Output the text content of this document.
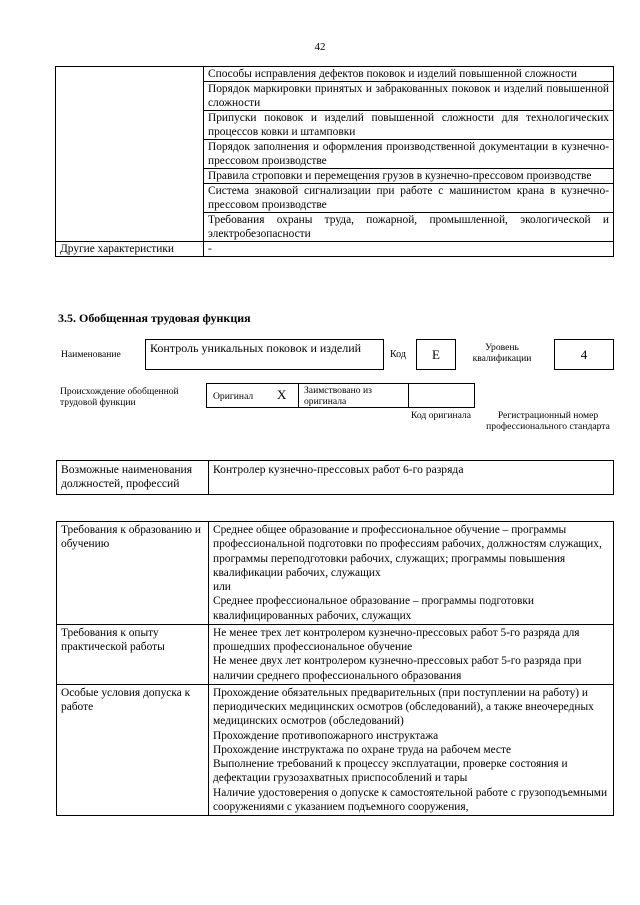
42
	Способы исправления дефектов поковок и изделий повышенной сложности
	Порядок маркировки принятых и забракованных поковок и изделий повышенной сложности
	Припуски поковок и изделий повышенной сложности для технологических процессов ковки и штамповки
	Порядок заполнения и оформления производственной документации в кузнечно-прессовом производстве
	Правила строповки и перемещения грузов в кузнечно-прессовом производстве
	Система знаковой сигнализации при работе с машинистом крана в кузнечно-прессовом производстве
	Требования охраны труда, пожарной, промышленной, экологической и электробезопасности
Другие характеристики	-
3.5. Обобщенная трудовая функция
Наименование	Контроль уникальных поковок и изделий	Код	Е	Уровень квалификации	4
Происхождение обобщенной трудовой функции
Оригинал X Заимствовано из оригинала
Код оригинала	Регистрационный номер профессионального стандарта
Возможные наименования должностей, профессий	Контролер кузнечно-прессовых работ 6-го разряда
Требования к образованию и обучению	Среднее общее образование и профессиональное обучение – программы профессиональной подготовки по профессиям рабочих, должностям служащих, программы переподготовки рабочих, служащих; программы повышения квалификации рабочих, служащих
или
Среднее профессиональное образование – программы подготовки квалифицированных рабочих, служащих

Требования к опыту практической работы	Не менее трех лет контролером кузнечно-прессовых работ 5-го разряда для прошедших профессиональное обучение
Не менее двух лет контролером кузнечно-прессовых работ 5-го разряда при наличии среднего профессионального образования

Особые условия допуска к работе	Прохождение обязательных предварительных (при поступлении на работу) и периодических медицинских осмотров (обследований), а также внеочередных медицинских осмотров (обследований)
Прохождение противопожарного инструктажа
Прохождение инструктажа по охране труда на рабочем месте
Выполнение требований к процессу эксплуатации, проверке состояния и дефектации грузозахватных приспособлений и тары
Наличие удостоверения о допуске к самостоятельной работе с грузоподъемными сооружениями с указанием подъемного сооружения,
